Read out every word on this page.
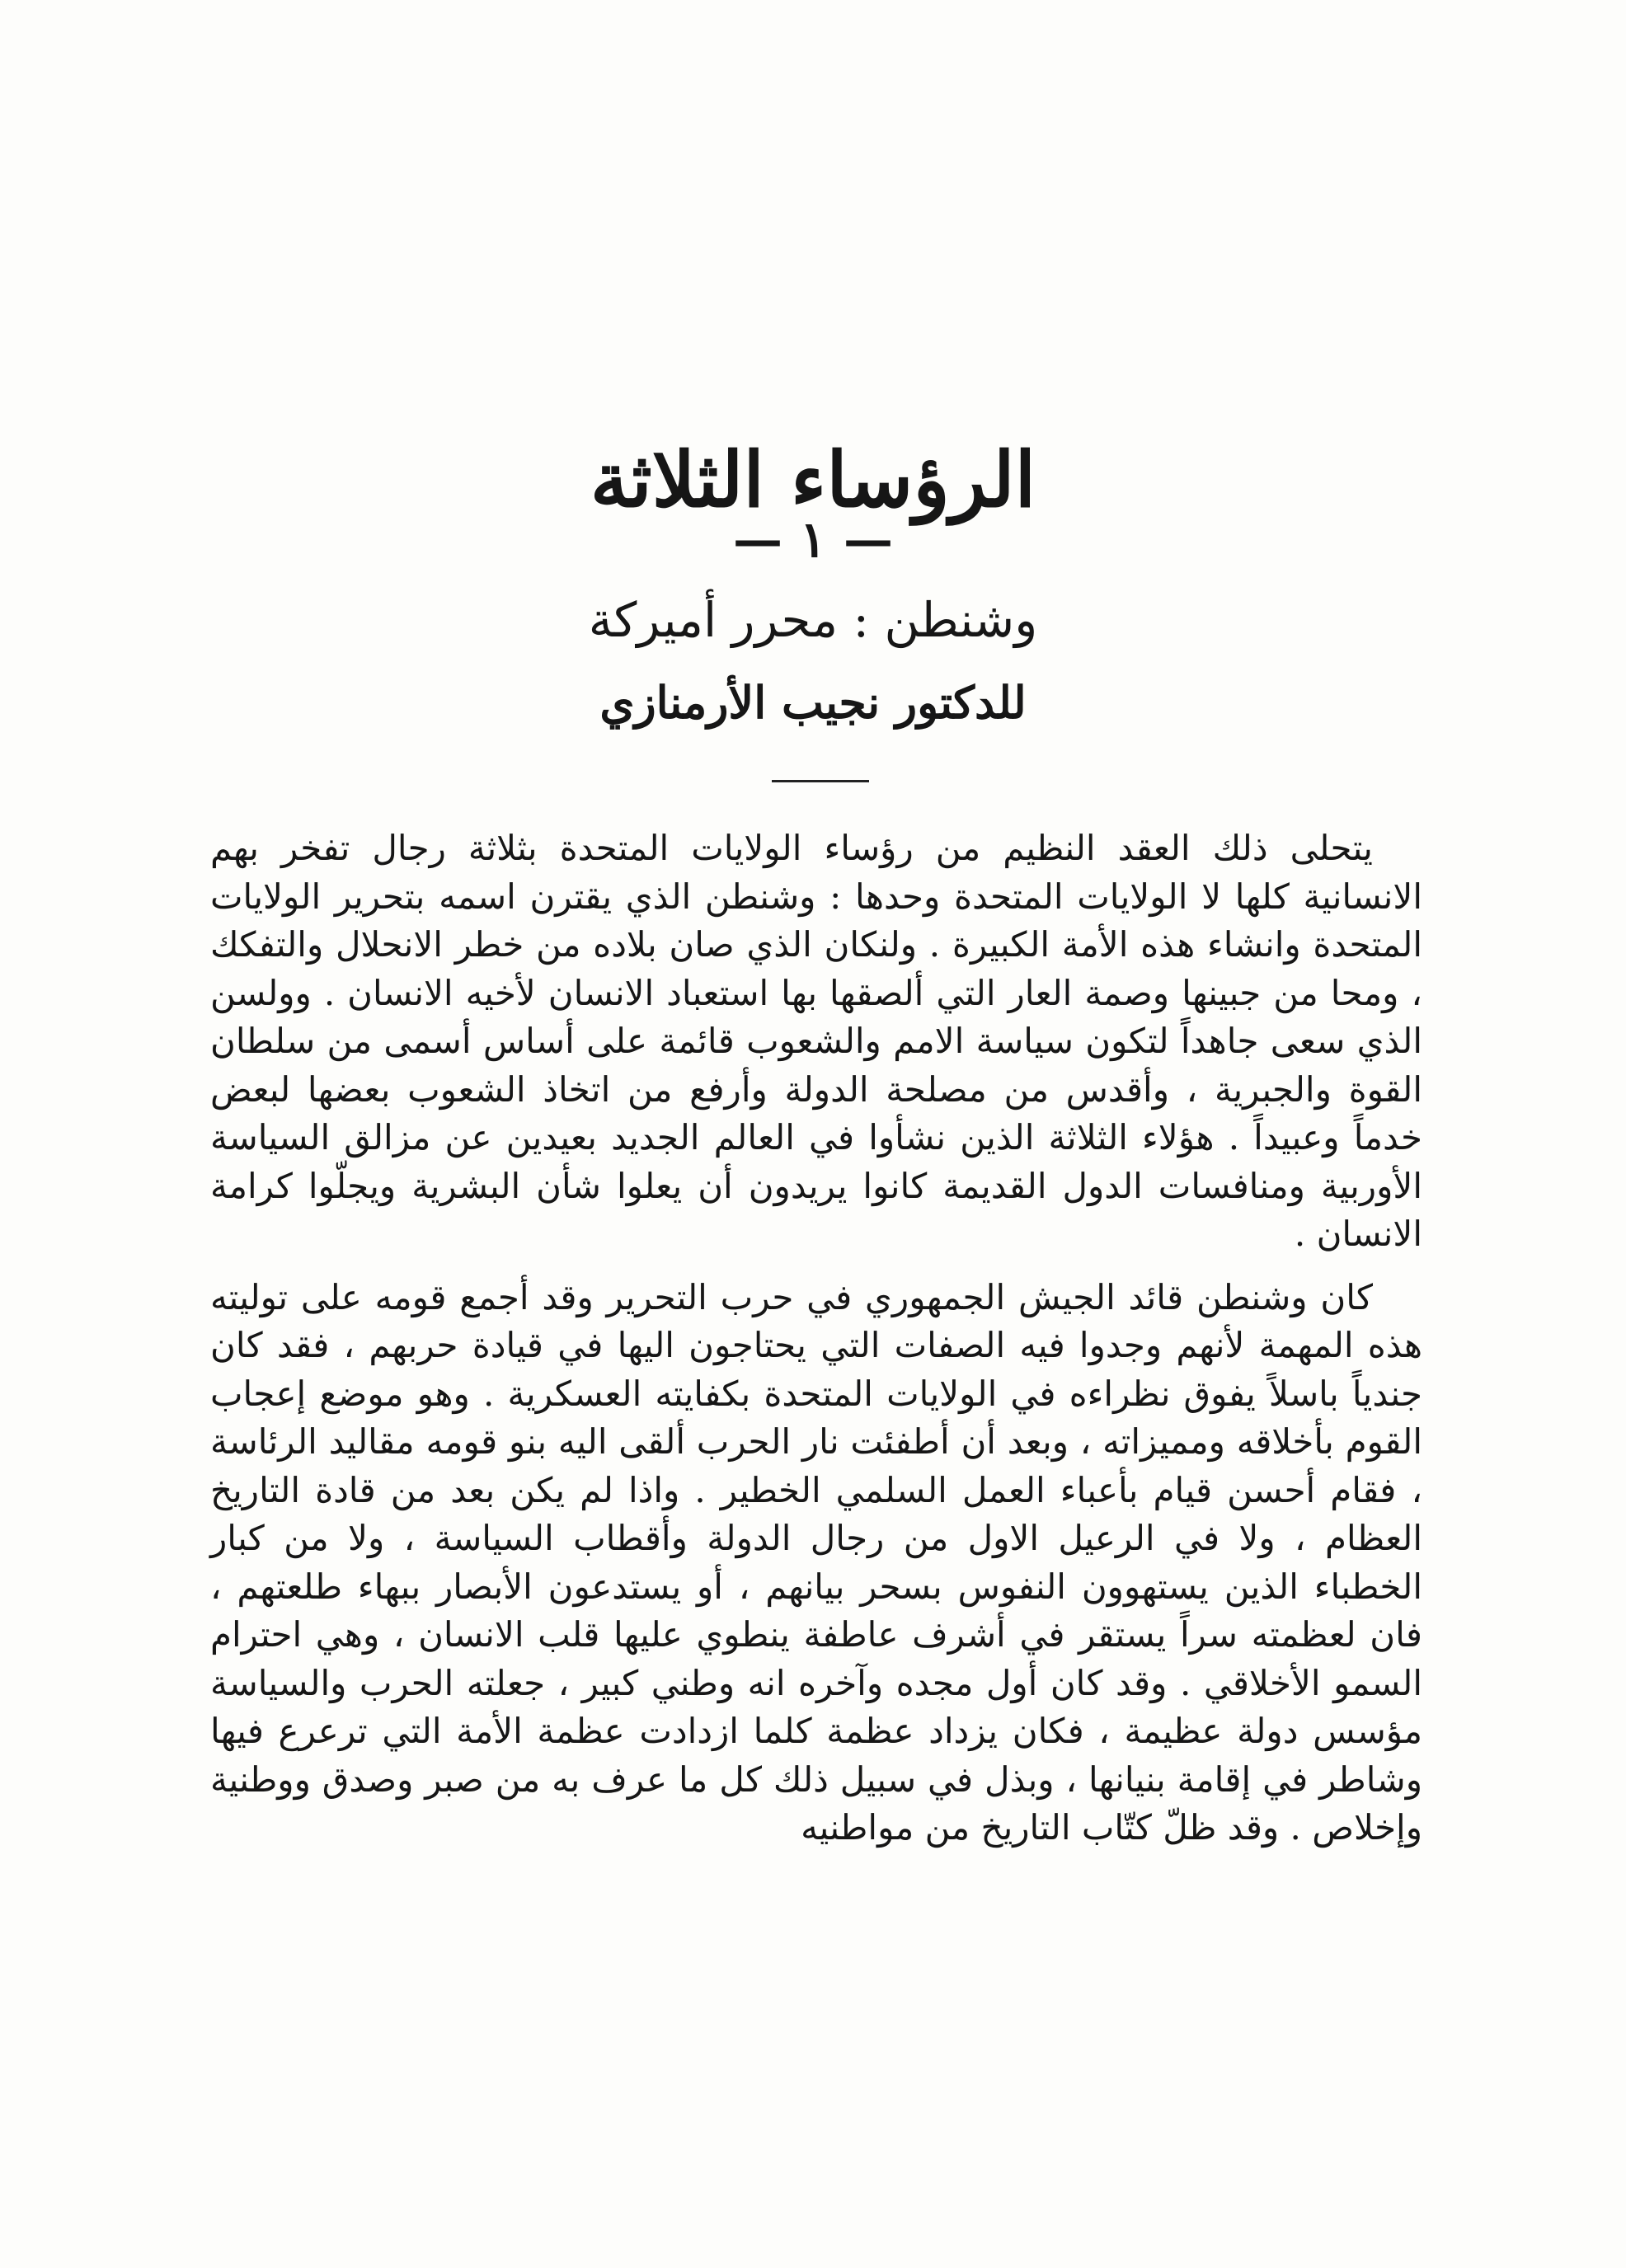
الرؤساء الثلاثة
— ١ —
وشنطن : محرر أميركة
للدكتور نجيب الأرمنازي

يتحلى ذلك العقد النظيم من رؤساء الولايات المتحدة بثلاثة رجال تفخر بهم الانسانية كلها لا الولايات المتحدة وحدها : وشنطن الذي يقترن اسمه بتحرير الولايات المتحدة وانشاء هذه الأمة الكبيرة . ولنكان الذي صان بلاده من خطر الانحلال والتفكك ، ومحا من جبينها وصمة العار التي ألصقها بها استعباد الانسان لأخيه الانسان . وولسن الذي سعى جاهداً لتكون سياسة الامم والشعوب قائمة على أساس أسمى من سلطان القوة والجبرية ، وأقدس من مصلحة الدولة وأرفع من اتخاذ الشعوب بعضها لبعض خدماً وعبيداً . هؤلاء الثلاثة الذين نشأوا في العالم الجديد بعيدين عن مزالق السياسة الأوربية ومنافسات الدول القديمة كانوا يريدون أن يعلوا شأن البشرية ويجلّوا كرامة الانسان .

كان وشنطن قائد الجيش الجمهوري في حرب التحرير وقد أجمع قومه على توليته هذه المهمة لأنهم وجدوا فيه الصفات التي يحتاجون اليها في قيادة حربهم ، فقد كان جندياً باسلاً يفوق نظراءه في الولايات المتحدة بكفايته العسكرية . وهو موضع إعجاب القوم بأخلاقه ومميزاته ، وبعد أن أطفئت نار الحرب ألقى اليه بنو قومه مقاليد الرئاسة ، فقام أحسن قيام بأعباء العمل السلمي الخطير . واذا لم يكن بعد من قادة التاريخ العظام ، ولا في الرعيل الاول من رجال الدولة وأقطاب السياسة ، ولا من كبار الخطباء الذين يستهوون النفوس بسحر بيانهم ، أو يستدعون الأبصار ببهاء طلعتهم ، فان لعظمته سراً يستقر في أشرف عاطفة ينطوي عليها قلب الانسان ، وهي احترام السمو الأخلاقي . وقد كان أول مجده وآخره انه وطني كبير ، جعلته الحرب والسياسة مؤسس دولة عظيمة ، فكان يزداد عظمة كلما ازدادت عظمة الأمة التي ترعرع فيها وشاطر في إقامة بنيانها ، وبذل في سبيل ذلك كل ما عرف به من صبر وصدق ووطنية وإخلاص . وقد ظلّ كتّاب التاريخ من مواطنيه
